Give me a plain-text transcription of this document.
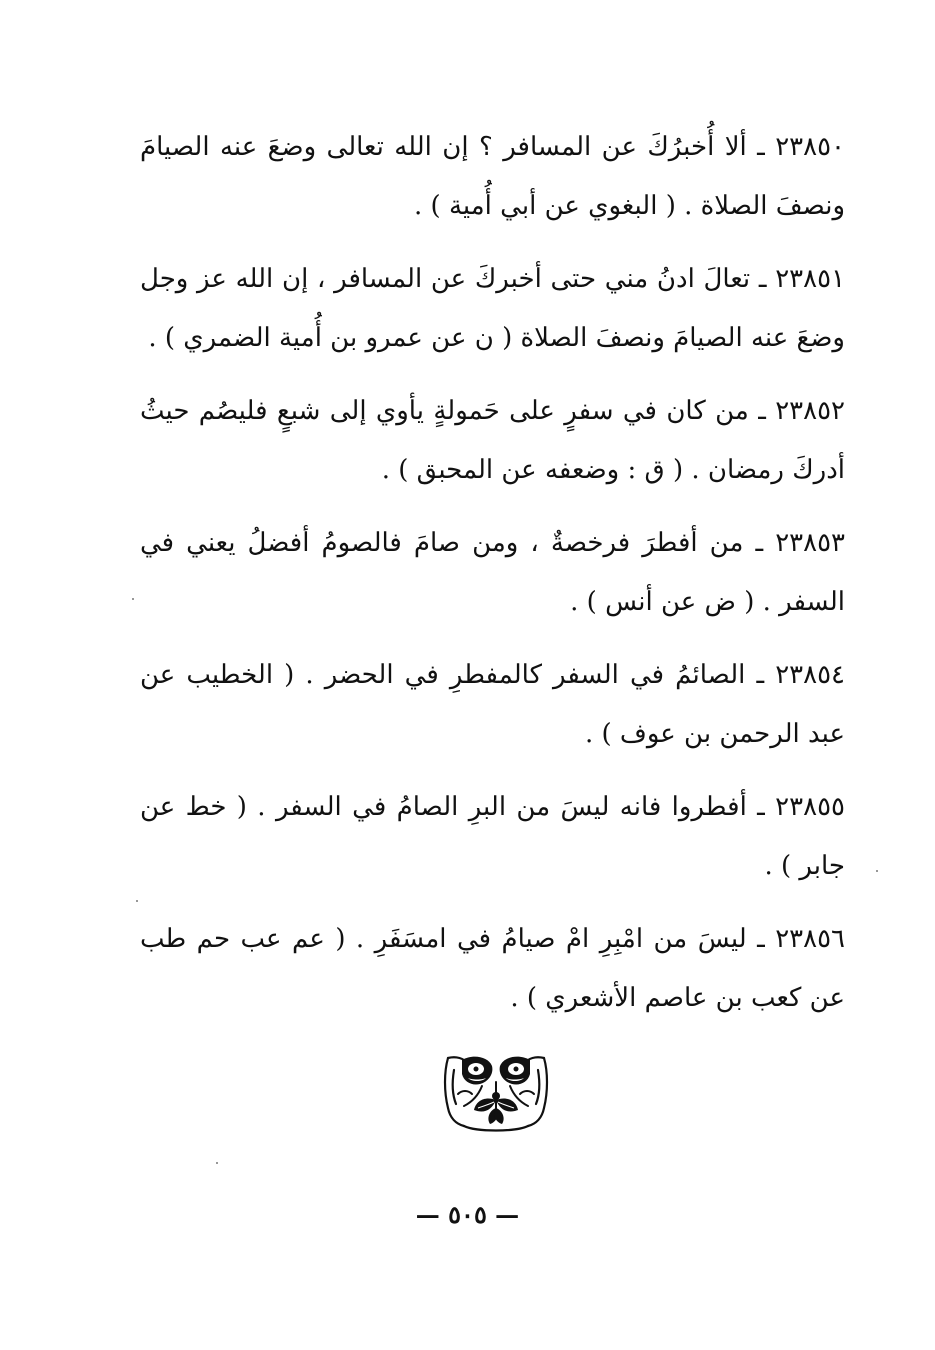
٢٣٨٥٠ ـ ألا أُخبرُكَ عن المسافر ؟ إن الله تعالى وضعَ عنه الصيامَ ونصفَ الصلاة . ( البغوي عن أبي أُمية ) .

٢٣٨٥١ ـ تعالَ ادنُ مني حتى أخبركَ عن المسافر ، إن الله عز وجل وضعَ عنه الصيامَ ونصفَ الصلاة ( ن عن عمرو بن أُمية الضمري ) .

٢٣٨٥٢ ـ من كان في سفرٍ على حَمولةٍ يأوي إلى شبعٍ فليصُم حيثُ أدركَ رمضان . ( ق : وضعفه عن المحبق ) .

٢٣٨٥٣ ـ من أفطرَ فرخصةٌ ، ومن صامَ فالصومُ أفضلُ يعني في السفر . ( ض عن أنس ) .

٢٣٨٥٤ ـ الصائمُ في السفر كالمفطرِ في الحضر . ( الخطيب عن عبد الرحمن بن عوف ) .

٢٣٨٥٥ ـ أفطروا فانه ليسَ من البرِ الصامُ في السفر . ( خط عن جابر ) .

٢٣٨٥٦ ـ ليسَ من امْبِرِ امْ صيامُ في امسَفَرِ . ( عم عب حم طب عن كعب بن عاصم الأشعري ) .

— ٥٠٥ —
